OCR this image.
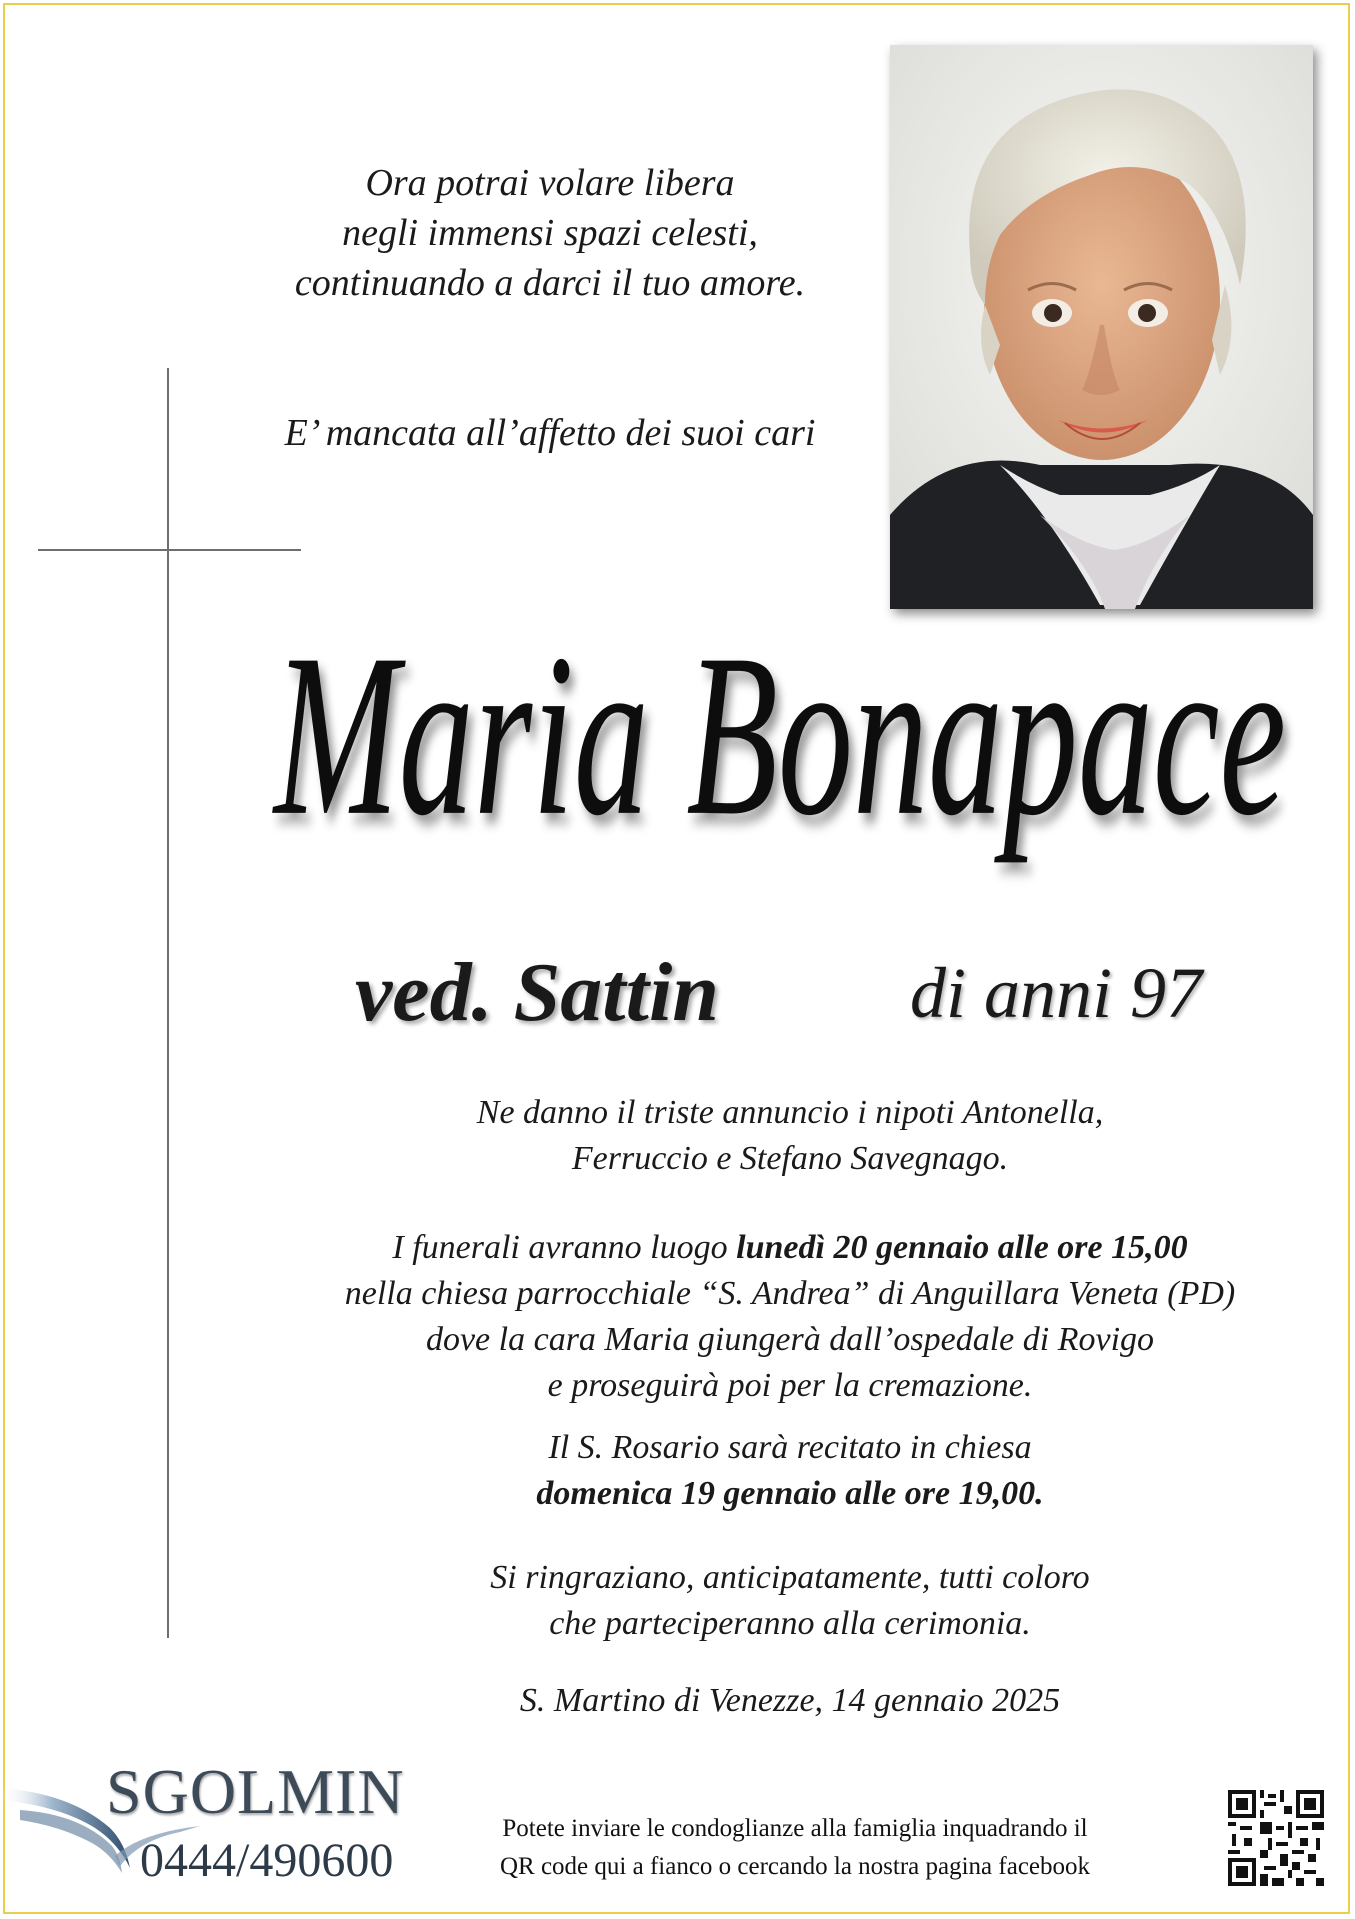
Ora potrai volare libera
negli immensi spazi celesti,
continuando a darci il tuo amore.
E’ mancata all’affetto dei suoi cari
Maria Bonapace
ved. Sattin	di anni 97
Ne danno il triste annuncio i nipoti Antonella,
Ferruccio e Stefano Savegnago.
I funerali avranno luogo lunedì 20 gennaio alle ore 15,00
nella chiesa parrocchiale “S. Andrea” di Anguillara Veneta (PD)
dove la cara Maria giungerà dall’ospedale di Rovigo
e proseguirà poi per la cremazione.
Il S. Rosario sarà recitato in chiesa
domenica 19 gennaio alle ore 19,00.
Si ringraziano, anticipatamente, tutti coloro
che parteciperanno alla cerimonia.
S. Martino di Venezze, 14 gennaio 2025
SGOLMIN
0444/490600
Potete inviare le condoglianze alla famiglia inquadrando il
QR code qui a fianco o cercando la nostra pagina facebook
